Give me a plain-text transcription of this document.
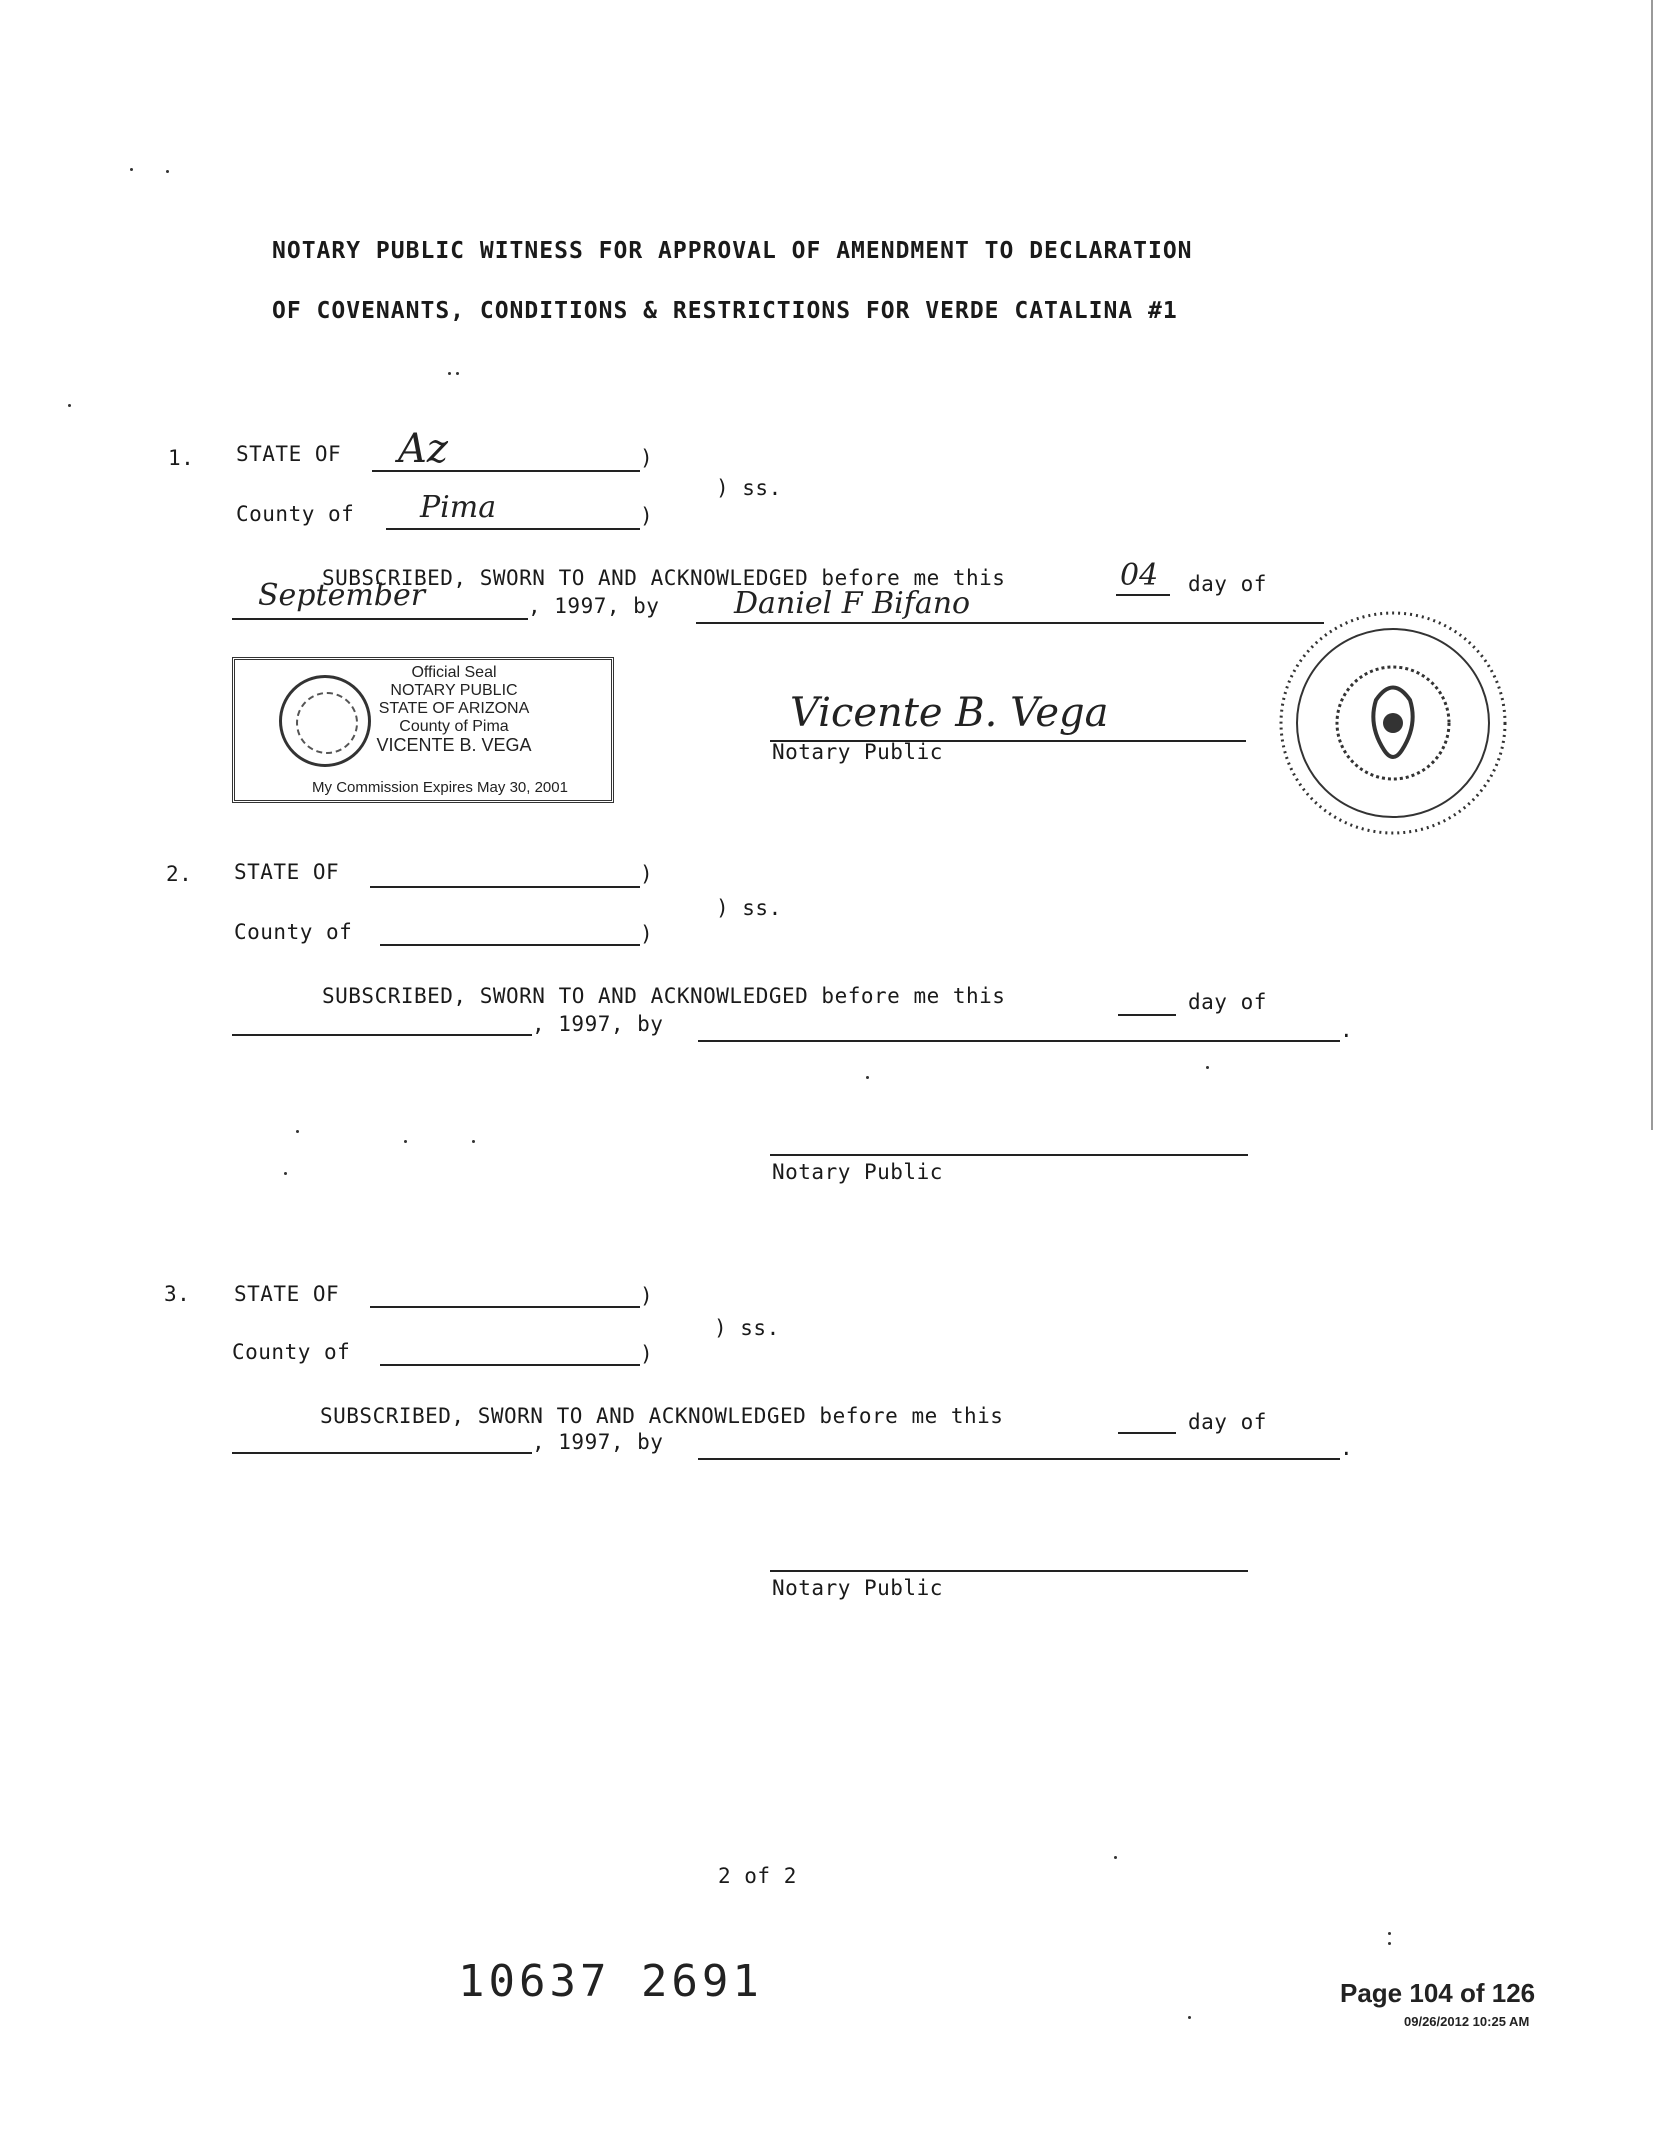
NOTARY PUBLIC WITNESS FOR APPROVAL OF AMENDMENT TO DECLARATION
OF COVENANTS, CONDITIONS & RESTRICTIONS FOR VERDE CATALINA #1
1. STATE OF Az	)
) ss.
County of Pima	)
SUBSCRIBED, SWORN TO AND ACKNOWLEDGED before me this	04 day of
September	, 1997, by Daniel F Bifano
Vicente B. Vega
Notary Public
Official Seal
NOTARY PUBLIC
STATE OF ARIZONA
County of Pima
VICENTE B. VEGA
My Commission Expires May 30, 2001
2. STATE OF	)
) ss.
County of	)
SUBSCRIBED, SWORN TO AND ACKNOWLEDGED before me this	day of
, 1997, by	.
Notary Public
3. STATE OF	)
) ss.
County of	)
SUBSCRIBED, SWORN TO AND ACKNOWLEDGED before me this	day of
, 1997, by	.
Notary Public
2 of 2
10637 2691	Page 104 of 126
09/26/2012 10:25 AM
